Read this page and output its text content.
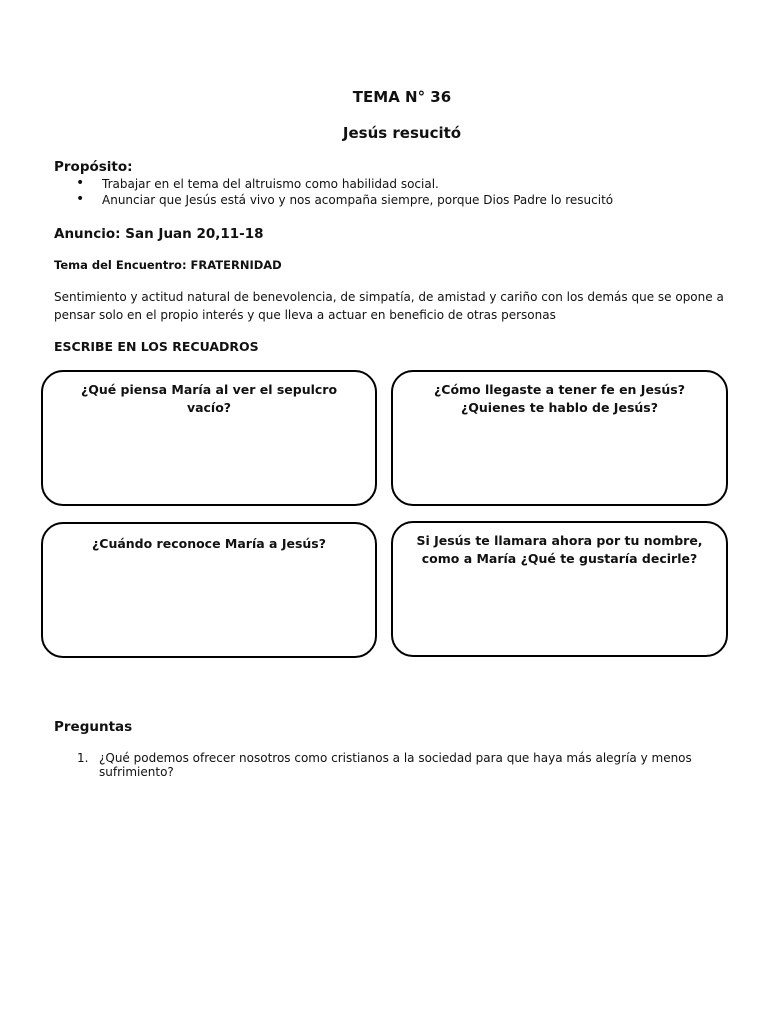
TEMA N° 36
Jesús resucitó
Propósito:
• Trabajar en el tema del altruismo como habilidad social.
• Anunciar que Jesús está vivo y nos acompaña siempre, porque Dios Padre lo resucitó
Anuncio: San Juan 20,11-18
Tema del Encuentro: FRATERNIDAD
Sentimiento y actitud natural de benevolencia, de simpatía, de amistad y cariño con los demás que se opone a pensar solo en el propio interés y que lleva a actuar en beneficio de otras personas
ESCRIBE EN LOS RECUADROS
¿Qué piensa María al ver el sepulcro vacío?
¿Cómo llegaste a tener fe en Jesús?¿Quienes te hablo de Jesús?
¿Cuándo reconoce María a Jesús?	Si Jesús te llamara ahora por tu nombre, como a María ¿Qué te gustaría decirle?
Preguntas
1. ¿Qué podemos ofrecer nosotros como cristianos a la sociedad para que haya más alegría y menos sufrimiento?
